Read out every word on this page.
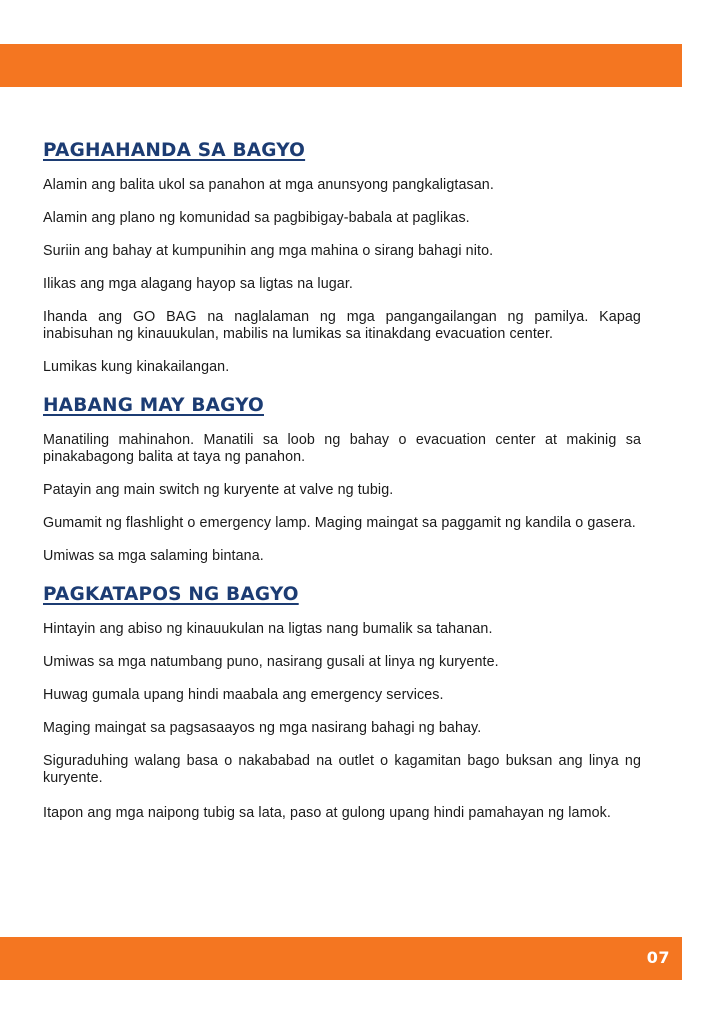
PAGHAHANDA SA BAGYO

Alamin ang balita ukol sa panahon at mga anunsyong pangkaligtasan.

Alamin ang plano ng komunidad sa pagbibigay-babala at paglikas.

Suriin ang bahay at kumpunihin ang mga mahina o sirang bahagi nito.

Ilikas ang mga alagang hayop sa ligtas na lugar.

Ihanda ang GO BAG na naglalaman ng mga pangangailangan ng pamilya. Kapag inabisuhan ng kinauukulan, mabilis na lumikas sa itinakdang evacuation center.

Lumikas kung kinakailangan.

HABANG MAY BAGYO

Manatiling mahinahon. Manatili sa loob ng bahay o evacuation center at makinig sa pinakabagong balita at taya ng panahon.

Patayin ang main switch ng kuryente at valve ng tubig.

Gumamit ng flashlight o emergency lamp. Maging maingat sa paggamit ng kandila o gasera.

Umiwas sa mga salaming bintana.

PAGKATAPOS NG BAGYO

Hintayin ang abiso ng kinauukulan na ligtas nang bumalik sa tahanan.

Umiwas sa mga natumbang puno, nasirang gusali at linya ng kuryente.

Huwag gumala upang hindi maabala ang emergency services.

Maging maingat sa pagsasaayos ng mga nasirang bahagi ng bahay.

Siguraduhing walang basa o nakababad na outlet o kagamitan bago buksan ang linya ng kuryente.

Itapon ang mga naipong tubig sa lata, paso at gulong upang hindi pamahayan ng lamok.

07
